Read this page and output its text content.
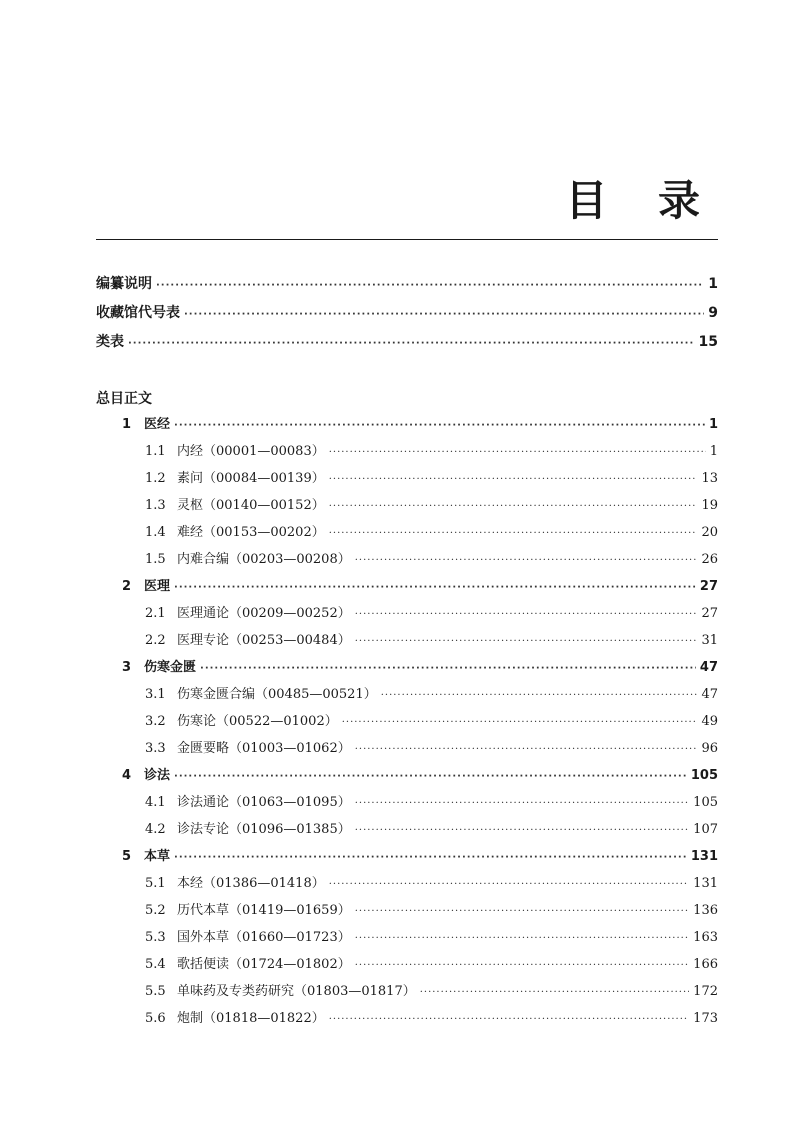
目 录
编纂说明 ·····	1
收藏馆代号表 ·····	9
类表 ·····	15
总目正文
1 医经 ·····	1
1.1 内经（00001—00083） ·····	1
1.2 素问（00084—00139） ·····	13
1.3 灵枢（00140—00152） ·····	19
1.4 难经（00153—00202） ·····	20
1.5 内难合编（00203—00208） ·····	26
2 医理 ·····	27
2.1 医理通论（00209—00252） ·····	27
2.2 医理专论（00253—00484） ·····	31
3 伤寒金匮 ·····	47
3.1 伤寒金匮合编（00485—00521） ·····	47
3.2 伤寒论（00522—01002） ·····	49
3.3 金匮要略（01003—01062） ·····	96
4 诊法 ·····	105
4.1 诊法通论（01063—01095） ·····	105
4.2 诊法专论（01096—01385） ·····	107
5 本草 ·····	131
5.1 本经（01386—01418） ·····	131
5.2 历代本草（01419—01659） ·····	136
5.3 国外本草（01660—01723） ·····	163
5.4 歌括便读（01724—01802） ·····	166
5.5 单味药及专类药研究（01803—01817） ·····	172
5.6 炮制（01818—01822） ·····	173
